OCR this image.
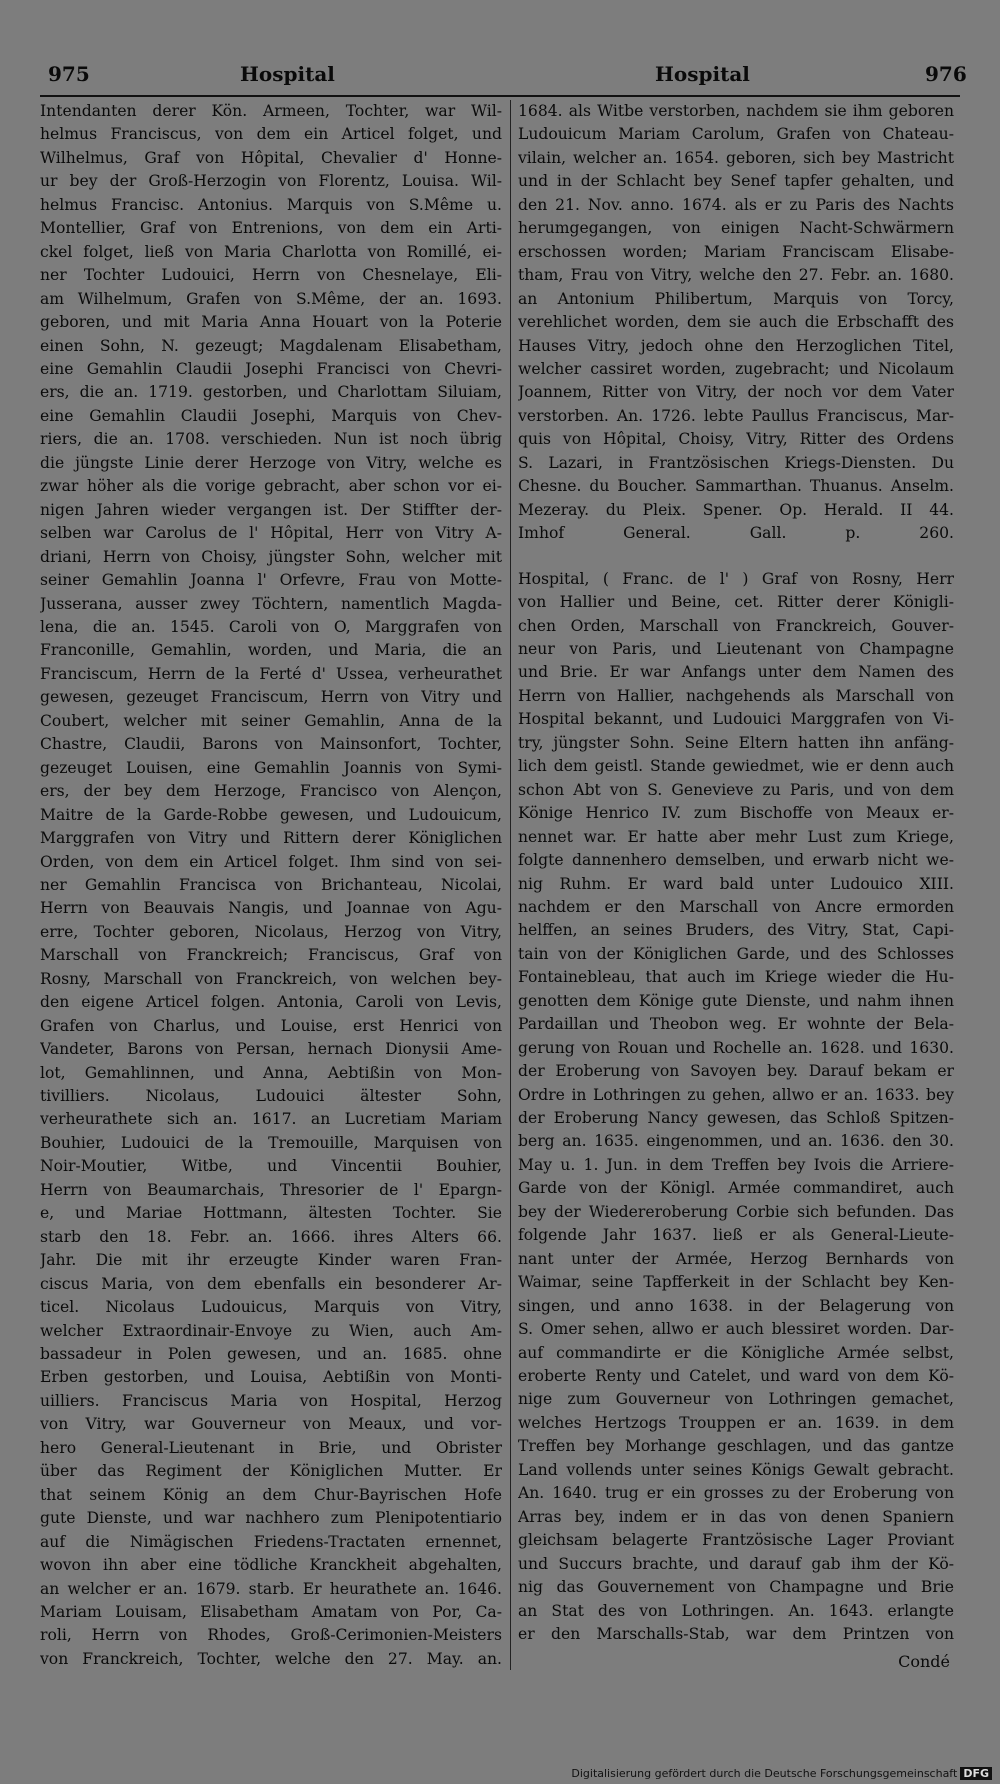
975	Hospital	Hospital	976
Intendanten derer Kön. Armeen, Tochter, war Wil-
helmus Franciscus, von dem ein Articel folget, und
Wilhelmus, Graf von Hôpital, Chevalier d' Honne-
ur bey der Groß-Herzogin von Florentz, Louisa. Wil-
helmus Francisc. Antonius. Marquis von S.Même u.
Montellier, Graf von Entrenions, von dem ein Arti-
ckel folget, ließ von Maria Charlotta von Romillé, ei-
ner Tochter Ludouici, Herrn von Chesnelaye, Eli-
am Wilhelmum, Grafen von S.Même, der an. 1693.
geboren, und mit Maria Anna Houart von la Poterie
einen Sohn, N. gezeugt; Magdalenam Elisabetham,
eine Gemahlin Claudii Josephi Francisci von Chevri-
ers, die an. 1719. gestorben, und Charlottam Siluiam,
eine Gemahlin Claudii Josephi, Marquis von Chev-
riers, die an. 1708. verschieden. Nun ist noch übrig
die jüngste Linie derer Herzoge von Vitry, welche es
zwar höher als die vorige gebracht, aber schon vor ei-
nigen Jahren wieder vergangen ist. Der Stiffter der-
selben war Carolus de l' Hôpital, Herr von Vitry A-
driani, Herrn von Choisy, jüngster Sohn, welcher mit
seiner Gemahlin Joanna l' Orfevre, Frau von Motte-
Jusserana, ausser zwey Töchtern, namentlich Magda-
lena, die an. 1545. Caroli von O, Marggrafen von
Franconille, Gemahlin, worden, und Maria, die an
Franciscum, Herrn de la Ferté d' Ussea, verheurathet
gewesen, gezeuget Franciscum, Herrn von Vitry und
Coubert, welcher mit seiner Gemahlin, Anna de la
Chastre, Claudii, Barons von Mainsonfort, Tochter,
gezeuget Louisen, eine Gemahlin Joannis von Symi-
ers, der bey dem Herzoge, Francisco von Alençon,
Maitre de la Garde-Robbe gewesen, und Ludouicum,
Marggrafen von Vitry und Rittern derer Königlichen
Orden, von dem ein Articel folget. Ihm sind von sei-
ner Gemahlin Francisca von Brichanteau, Nicolai,
Herrn von Beauvais Nangis, und Joannae von Agu-
erre, Tochter geboren, Nicolaus, Herzog von Vitry,
Marschall von Franckreich; Franciscus, Graf von
Rosny, Marschall von Franckreich, von welchen bey-
den eigene Articel folgen. Antonia, Caroli von Levis,
Grafen von Charlus, und Louise, erst Henrici von
Vandeter, Barons von Persan, hernach Dionysii Ame-
lot, Gemahlinnen, und Anna, Aebtißin von Mon-
tivilliers. Nicolaus, Ludouici ältester Sohn,
verheurathete sich an. 1617. an Lucretiam Mariam
Bouhier, Ludouici de la Tremouille, Marquisen von
Noir-Moutier, Witbe, und Vincentii Bouhier,
Herrn von Beaumarchais, Thresorier de l' Epargn-
e, und Mariae Hottmann, ältesten Tochter. Sie
starb den 18. Febr. an. 1666. ihres Alters 66.
Jahr. Die mit ihr erzeugte Kinder waren Fran-
ciscus Maria, von dem ebenfalls ein besonderer Ar-
ticel. Nicolaus Ludouicus, Marquis von Vitry,
welcher Extraordinair-Envoye zu Wien, auch Am-
bassadeur in Polen gewesen, und an. 1685. ohne
Erben gestorben, und Louisa, Aebtißin von Monti-
uilliers. Franciscus Maria von Hospital, Herzog
von Vitry, war Gouverneur von Meaux, und vor-
hero General-Lieutenant in Brie, und Obrister
über das Regiment der Königlichen Mutter. Er
that seinem König an dem Chur-Bayrischen Hofe
gute Dienste, und war nachhero zum Plenipotentiario
auf die Nimägischen Friedens-Tractaten ernennet,
wovon ihn aber eine tödliche Kranckheit abgehalten,
an welcher er an. 1679. starb. Er heurathete an. 1646.
Mariam Louisam, Elisabetham Amatam von Por, Ca-
roli, Herrn von Rhodes, Groß-Cerimonien-Meisters
von Franckreich, Tochter, welche den 27. May. an.
1684. als Witbe verstorben, nachdem sie ihm geboren
Ludouicum Mariam Carolum, Grafen von Chateau-
vilain, welcher an. 1654. geboren, sich bey Mastricht
und in der Schlacht bey Senef tapfer gehalten, und
den 21. Nov. anno. 1674. als er zu Paris des Nachts
herumgegangen, von einigen Nacht-Schwärmern
erschossen worden; Mariam Franciscam Elisabe-
tham, Frau von Vitry, welche den 27. Febr. an. 1680.
an Antonium Philibertum, Marquis von Torcy,
verehlichet worden, dem sie auch die Erbschafft des
Hauses Vitry, jedoch ohne den Herzoglichen Titel,
welcher cassiret worden, zugebracht; und Nicolaum
Joannem, Ritter von Vitry, der noch vor dem Vater
verstorben. An. 1726. lebte Paullus Franciscus, Mar-
quis von Hôpital, Choisy, Vitry, Ritter des Ordens
S. Lazari, in Frantzösischen Kriegs-Diensten. Du
Chesne. du Boucher. Sammarthan. Thuanus. Anselm.
Mezeray. du Pleix. Spener. Op. Herald. II 44.
Imhof General. Gall. p. 260.
Hospital, ( Franc. de l' ) Graf von Rosny, Herr
von Hallier und Beine, cet. Ritter derer Königli-
chen Orden, Marschall von Franckreich, Gouver-
neur von Paris, und Lieutenant von Champagne
und Brie. Er war Anfangs unter dem Namen des
Herrn von Hallier, nachgehends als Marschall von
Hospital bekannt, und Ludouici Marggrafen von Vi-
try, jüngster Sohn. Seine Eltern hatten ihn anfäng-
lich dem geistl. Stande gewiedmet, wie er denn auch
schon Abt von S. Genevieve zu Paris, und von dem
Könige Henrico IV. zum Bischoffe von Meaux er-
nennet war. Er hatte aber mehr Lust zum Kriege,
folgte dannenhero demselben, und erwarb nicht we-
nig Ruhm. Er ward bald unter Ludouico XIII.
nachdem er den Marschall von Ancre ermorden
helffen, an seines Bruders, des Vitry, Stat, Capi-
tain von der Königlichen Garde, und des Schlosses
Fontainebleau, that auch im Kriege wieder die Hu-
genotten dem Könige gute Dienste, und nahm ihnen
Pardaillan und Theobon weg. Er wohnte der Bela-
gerung von Rouan und Rochelle an. 1628. und 1630.
der Eroberung von Savoyen bey. Darauf bekam er
Ordre in Lothringen zu gehen, allwo er an. 1633. bey
der Eroberung Nancy gewesen, das Schloß Spitzen-
berg an. 1635. eingenommen, und an. 1636. den 30.
May u. 1. Jun. in dem Treffen bey Ivois die Arriere-
Garde von der Königl. Armée commandiret, auch
bey der Wiedereroberung Corbie sich befunden. Das
folgende Jahr 1637. ließ er als General-Lieute-
nant unter der Armée, Herzog Bernhards von
Waimar, seine Tapfferkeit in der Schlacht bey Ken-
singen, und anno 1638. in der Belagerung von
S. Omer sehen, allwo er auch blessiret worden. Dar-
auf commandirte er die Königliche Armée selbst,
eroberte Renty und Catelet, und ward von dem Kö-
nige zum Gouverneur von Lothringen gemachet,
welches Hertzogs Trouppen er an. 1639. in dem
Treffen bey Morhange geschlagen, und das gantze
Land vollends unter seines Königs Gewalt gebracht.
An. 1640. trug er ein grosses zu der Eroberung von
Arras bey, indem er in das von denen Spaniern
gleichsam belagerte Frantzösische Lager Proviant
und Succurs brachte, und darauf gab ihm der Kö-
nig das Gouvernement von Champagne und Brie
an Stat des von Lothringen. An. 1643. erlangte
er den Marschalls-Stab, war dem Printzen von
Condé
Digitalisierung gefördert durch die Deutsche Forschungsgemeinschaft DFG
